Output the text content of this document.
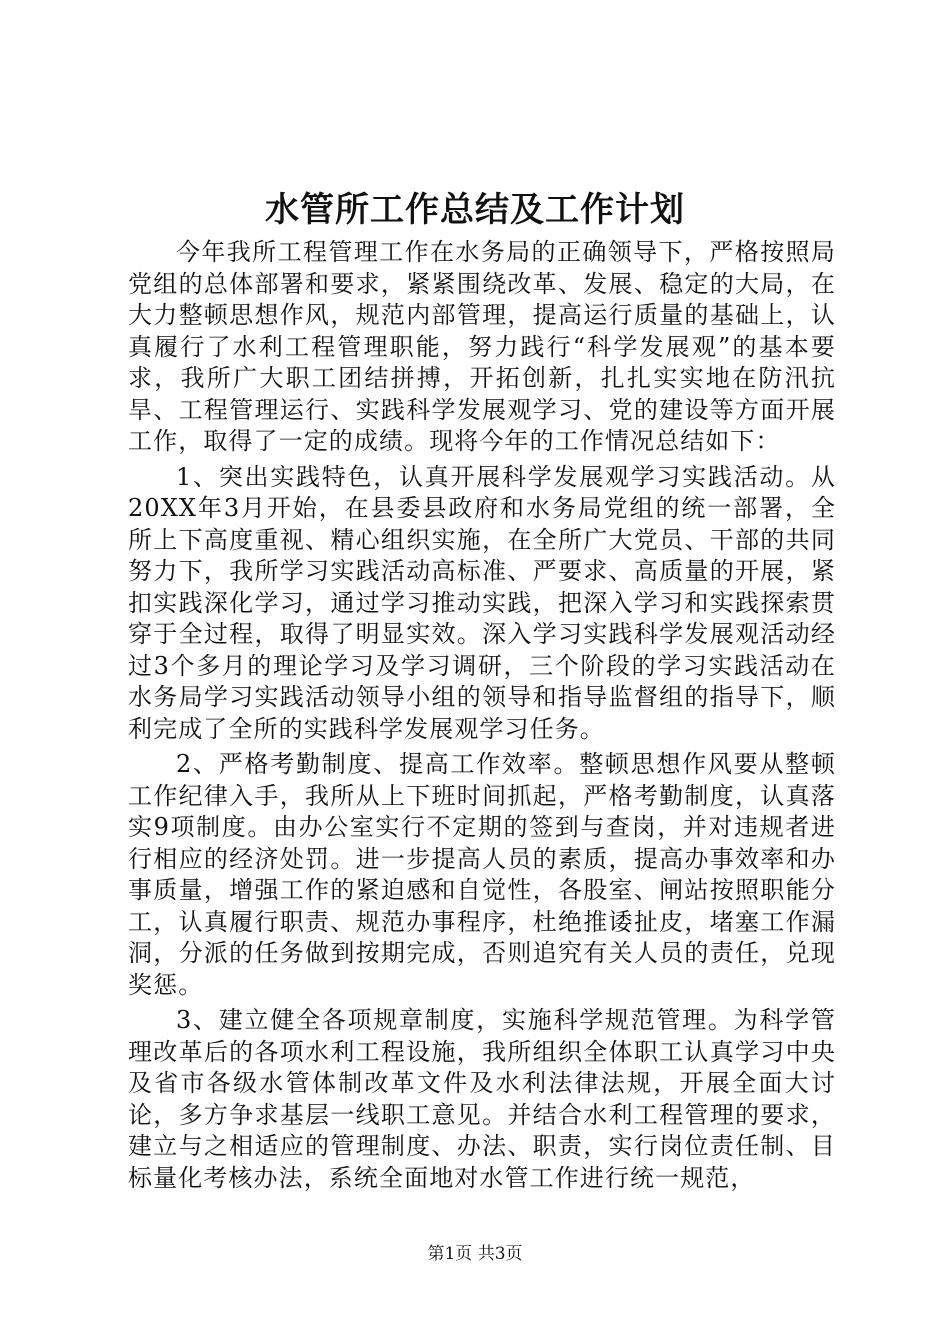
水管所工作总结及工作计划

今年我所工程管理工作在水务局的正确领导下，严格按照局党组的总体部署和要求，紧紧围绕改革、发展、稳定的大局，在大力整顿思想作风，规范内部管理，提高运行质量的基础上，认真履行了水利工程管理职能，努力践行“科学发展观”的基本要求，我所广大职工团结拼搏，开拓创新，扎扎实实地在防汛抗旱、工程管理运行、实践科学发展观学习、党的建设等方面开展工作，取得了一定的成绩。现将今年的工作情况总结如下：

1、突出实践特色，认真开展科学发展观学习实践活动。从20XX年3月开始，在县委县政府和水务局党组的统一部署，全所上下高度重视、精心组织实施，在全所广大党员、干部的共同努力下，我所学习实践活动高标准、严要求、高质量的开展，紧扣实践深化学习，通过学习推动实践，把深入学习和实践探索贯穿于全过程，取得了明显实效。深入学习实践科学发展观活动经过3个多月的理论学习及学习调研，三个阶段的学习实践活动在水务局学习实践活动领导小组的领导和指导监督组的指导下，顺利完成了全所的实践科学发展观学习任务。

2、严格考勤制度、提高工作效率。整顿思想作风要从整顿工作纪律入手，我所从上下班时间抓起，严格考勤制度，认真落实9项制度。由办公室实行不定期的签到与查岗，并对违规者进行相应的经济处罚。进一步提高人员的素质，提高办事效率和办事质量，增强工作的紧迫感和自觉性，各股室、闸站按照职能分工，认真履行职责、规范办事程序，杜绝推诿扯皮，堵塞工作漏洞，分派的任务做到按期完成，否则追究有关人员的责任，兑现奖惩。

3、建立健全各项规章制度，实施科学规范管理。为科学管理改革后的各项水利工程设施，我所组织全体职工认真学习中央及省市各级水管体制改革文件及水利法律法规，开展全面大讨论，多方争求基层一线职工意见。并结合水利工程管理的要求，建立与之相适应的管理制度、办法、职责，实行岗位责任制、目标量化考核办法，系统全面地对水管工作进行统一规范，

第1页 共3页
